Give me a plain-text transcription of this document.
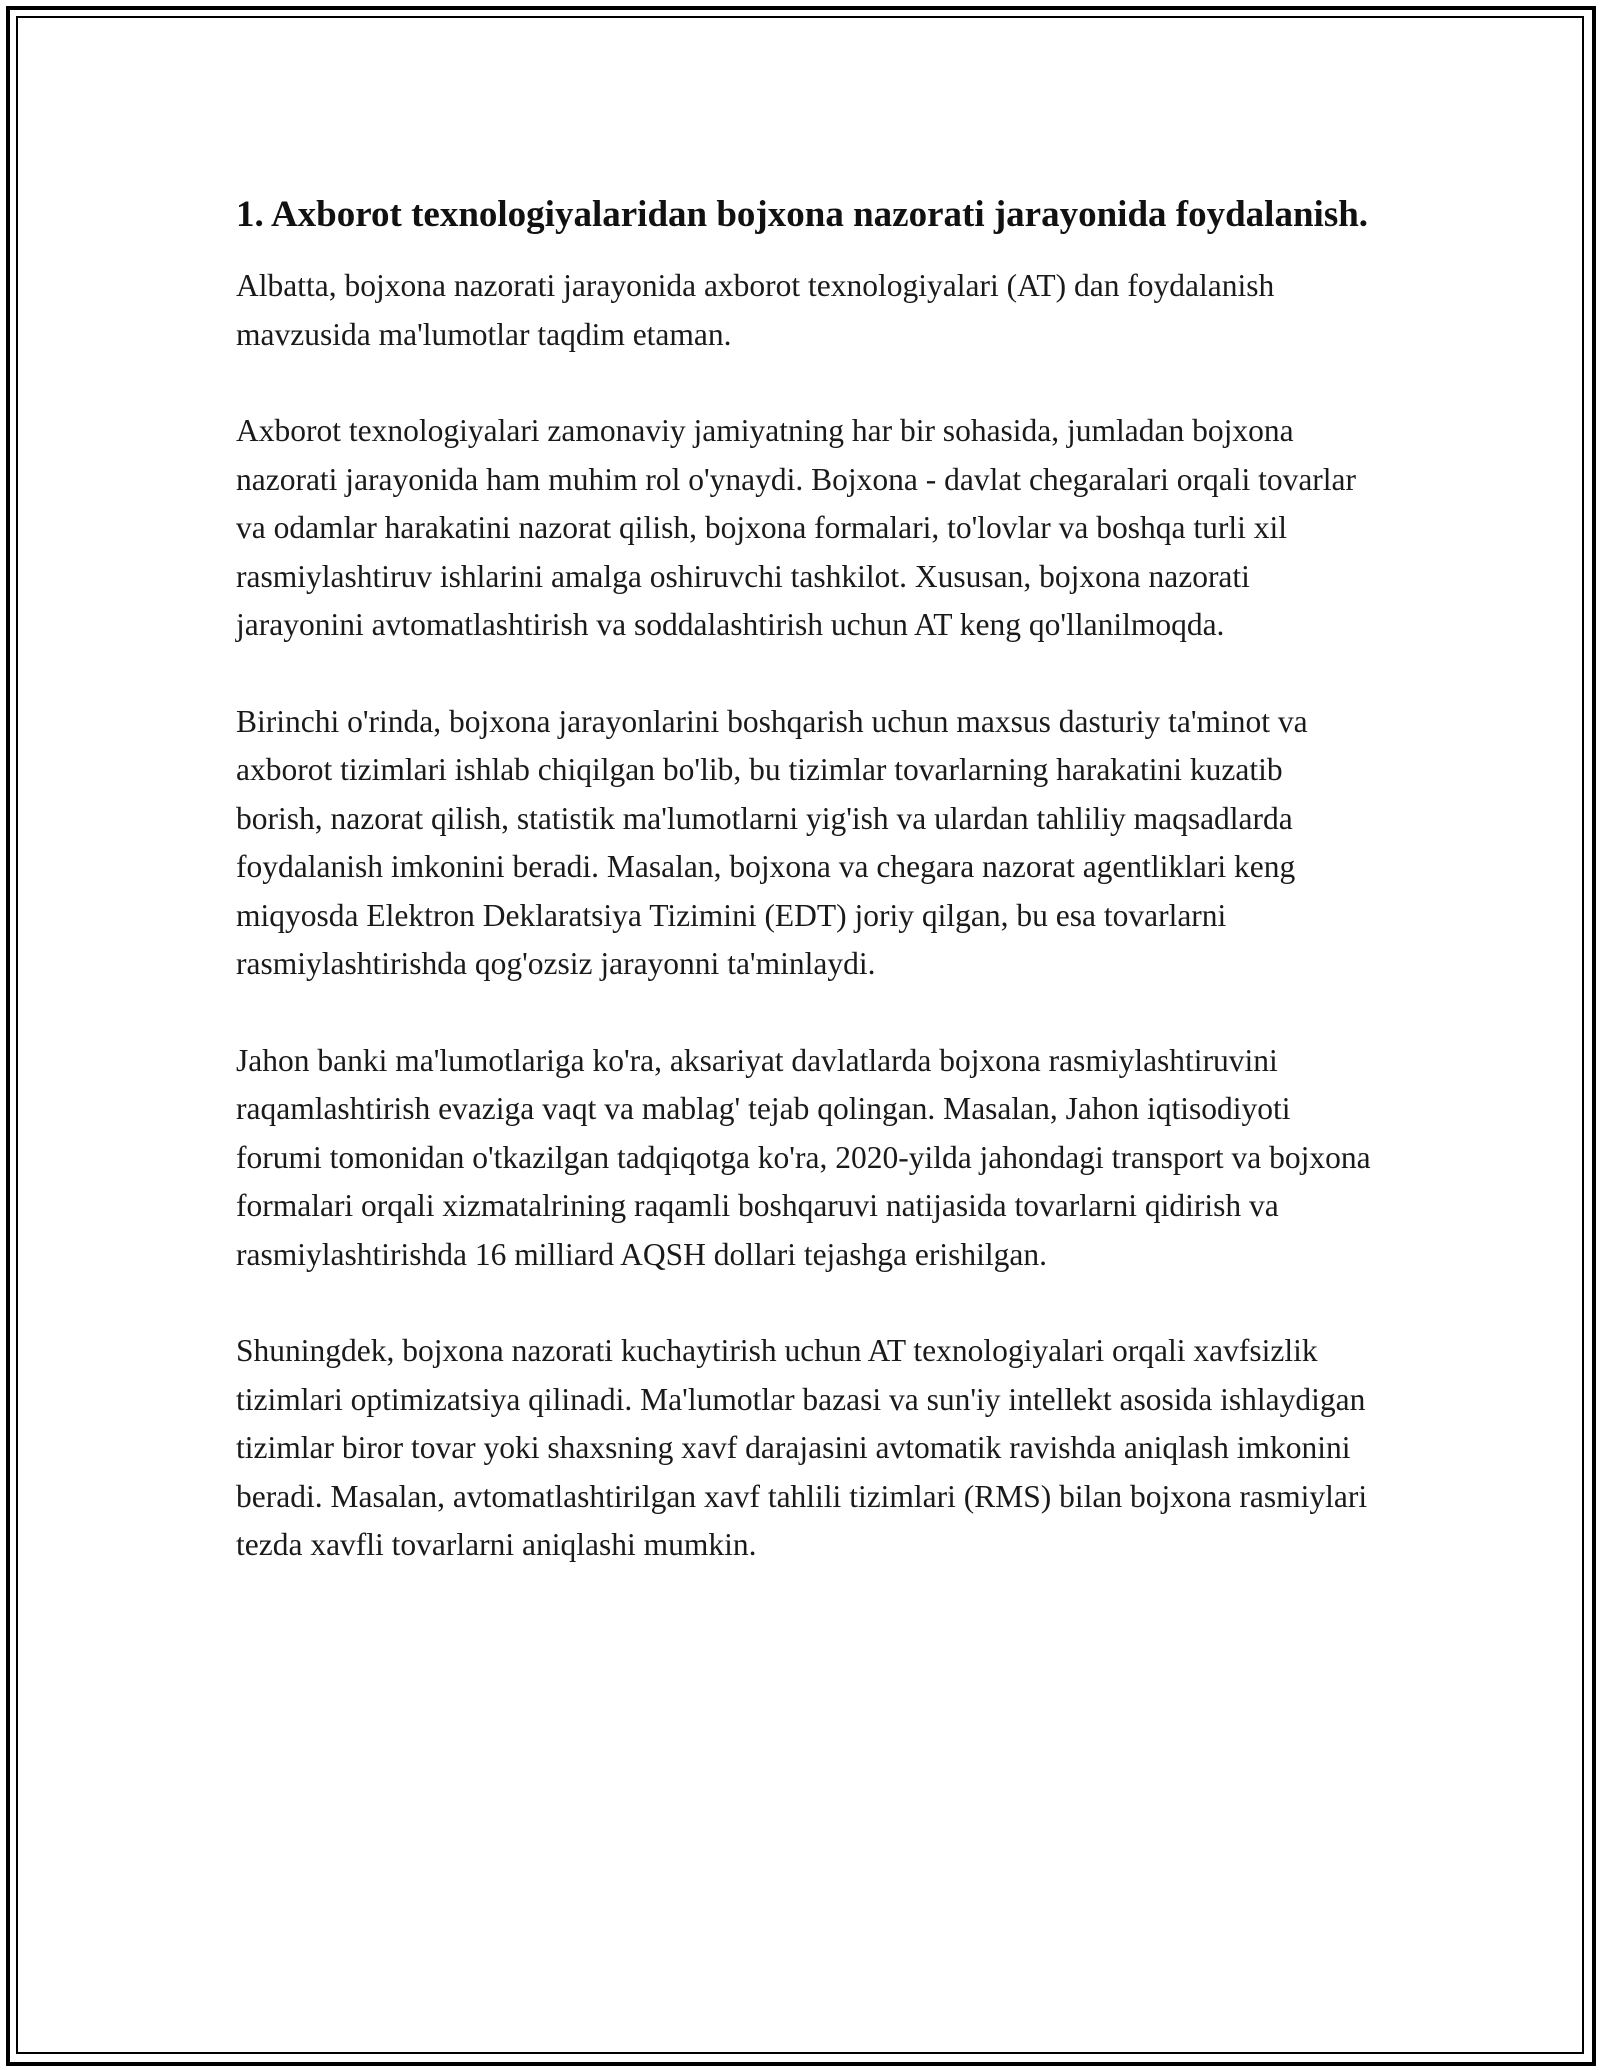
1. Axborot texnologiyalaridan bojxona nazorati jarayonida foydalanish.

Albatta, bojxona nazorati jarayonida axborot texnologiyalari (AT) dan foydalanish mavzusida ma'lumotlar taqdim etaman.

Axborot texnologiyalari zamonaviy jamiyatning har bir sohasida, jumladan bojxona nazorati jarayonida ham muhim rol o'ynaydi. Bojxona - davlat chegaralari orqali tovarlar va odamlar harakatini nazorat qilish, bojxona formalari, to'lovlar va boshqa turli xil rasmiylashtiruv ishlarini amalga oshiruvchi tashkilot. Xususan, bojxona nazorati jarayonini avtomatlashtirish va soddalashtirish uchun AT keng qo'llanilmoqda.

Birinchi o'rinda, bojxona jarayonlarini boshqarish uchun maxsus dasturiy ta'minot va axborot tizimlari ishlab chiqilgan bo'lib, bu tizimlar tovarlarning harakatini kuzatib borish, nazorat qilish, statistik ma'lumotlarni yig'ish va ulardan tahliliy maqsadlarda foydalanish imkonini beradi. Masalan, bojxona va chegara nazorat agentliklari keng miqyosda Elektron Deklaratsiya Tizimini (EDT) joriy qilgan, bu esa tovarlarni rasmiylashtirishda qog'ozsiz jarayonni ta'minlaydi.

Jahon banki ma'lumotlariga ko'ra, aksariyat davlatlarda bojxona rasmiylashtiruvini raqamlashtirish evaziga vaqt va mablag' tejab qolingan. Masalan, Jahon iqtisodiyoti forumi tomonidan o'tkazilgan tadqiqotga ko'ra, 2020-yilda jahondagi transport va bojxona formalari orqali xizmatalrining raqamli boshqaruvi natijasida tovarlarni qidirish va rasmiylashtirishda 16 milliard AQSH dollari tejashga erishilgan.

Shuningdek, bojxona nazorati kuchaytirish uchun AT texnologiyalari orqali xavfsizlik tizimlari optimizatsiya qilinadi. Ma'lumotlar bazasi va sun'iy intellekt asosida ishlaydigan tizimlar biror tovar yoki shaxsning xavf darajasini avtomatik ravishda aniqlash imkonini beradi. Masalan, avtomatlashtirilgan xavf tahlili tizimlari (RMS) bilan bojxona rasmiylari tezda xavfli tovarlarni aniqlashi mumkin.
